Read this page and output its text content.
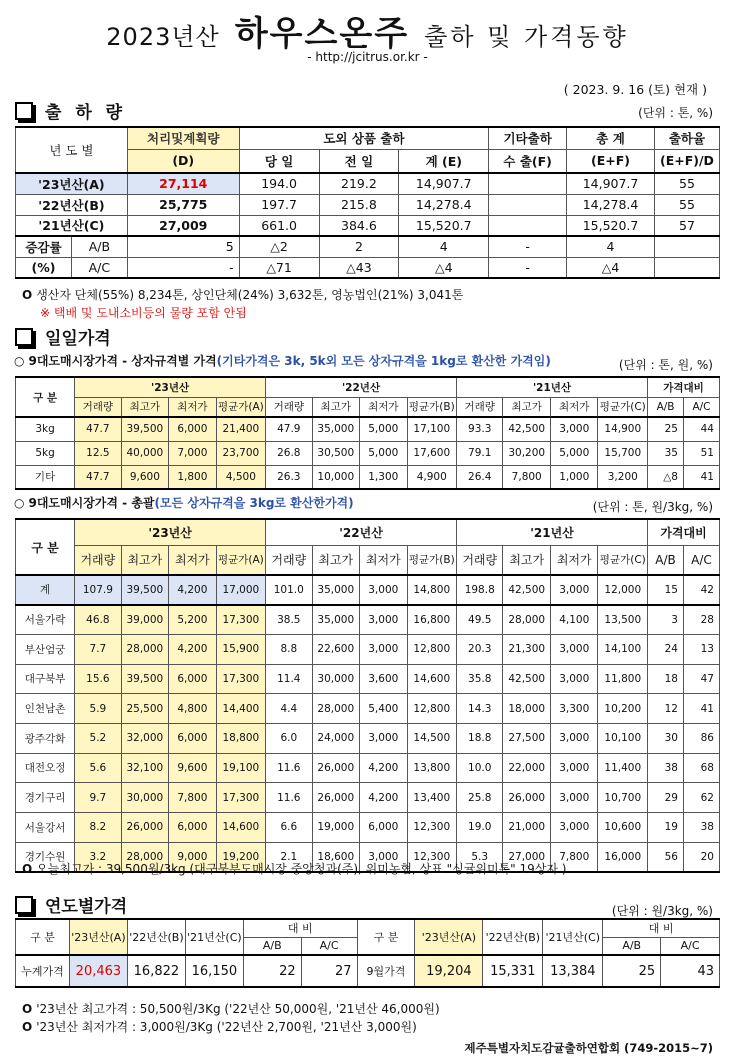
2023년산 하우스온주 출하 및 가격동향
- http://jcitrus.or.kr -
( 2023. 9. 16 (토) 현재 )
출 하 량	(단위 : 톤, %)
년 도 별		처리및계획량	도외 상품 출하			기타출하	총 계	출하율
		(D)	당 일	전 일	계 (E)	수 출(F)	(E+F)	(E+F)/D
'23년산(A)		27,114	194.0	219.2	14,907.7		14,907.7	55
'22년산(B)		25,775	197.7	215.8	14,278.4		14,278.4	55
'21년산(C)		27,009	661.0	384.6	15,520.7		15,520.7	57
증감률	A/B	5	△2	2	4	-	4	
(%)	A/C	-	△71	△43	△4	-	△4	
O 생산자 단체(55%) 8,234톤, 상인단체(24%) 3,632톤, 영농법인(21%) 3,041톤
※ 택배 및 도내소비등의 물량 포함 안됨
일일가격
○ 9대도매시장가격 - 상자규격별 가격(기타가격은 3k, 5k외 모든 상자규격을 1kg로 환산한 가격임)	(단위 : 톤, 원, %)
구 분	'23년산				'22년산				'21년산				가격대비	
	거래량	최고가	최저가	평균가(A)	거래량	최고가	최저가	평균가(B)	거래량	최고가	최저가	평균가(C)	A/B	A/C
3kg	47.7	39,500	6,000	21,400	47.9	35,000	5,000	17,100	93.3	42,500	3,000	14,900	25	44
5kg	12.5	40,000	7,000	23,700	26.8	30,500	5,000	17,600	79.1	30,200	5,000	15,700	35	51
기타	47.7	9,600	1,800	4,500	26.3	10,000	1,300	4,900	26.4	7,800	1,000	3,200	△8	41
○ 9대도매시장가격 - 총괄(모든 상자규격을 3kg로 환산한가격)	(단위 : 톤, 원/3kg, %)
구 분	'23년산				'22년산				'21년산				가격대비	
	거래량	최고가	최저가	평균가(A)	거래량	최고가	최저가	평균가(B)	거래량	최고가	최저가	평균가(C)	A/B	A/C
계	107.9	39,500	4,200	17,000	101.0	35,000	3,000	14,800	198.8	42,500	3,000	12,000	15	42
서울가락	46.8	39,000	5,200	17,300	38.5	35,000	3,000	16,800	49.5	28,000	4,100	13,500	3	28
부산엄궁	7.7	28,000	4,200	15,900	8.8	22,600	3,000	12,800	20.3	21,300	3,000	14,100	24	13
대구북부	15.6	39,500	6,000	17,300	11.4	30,000	3,600	14,600	35.8	42,500	3,000	11,800	18	47
인천남촌	5.9	25,500	4,800	14,400	4.4	28,000	5,400	12,800	14.3	18,000	3,300	10,200	12	41
광주각화	5.2	32,000	6,000	18,800	6.0	24,000	3,000	14,500	18.8	27,500	3,000	10,100	30	86
대전오정	5.6	32,100	9,600	19,100	11.6	26,000	4,200	13,800	10.0	22,000	3,000	11,400	38	68
경기구리	9.7	30,000	7,800	17,300	11.6	26,000	4,200	13,400	25.8	26,000	3,000	10,700	29	62
서울강서	8.2	26,000	6,000	14,600	6.6	19,000	6,000	12,300	19.0	21,000	3,000	10,600	19	38
경기수원	3.2	28,000	9,000	19,200	2.1	18,600	3,000	12,300	5.3	27,000	7,800	16,000	56	20
O 오늘최고가 : 39,500원/3kg (대구북부도매시장 중앙청과(주), 위미농협, 상표 "싱귤위미톡" 19상자 )
연도별가격	(단위 : 원/3kg, %)
구 분	'23년산(A)	'22년산(B)	'21년산(C)	대 비		구 분	'23년산(A)	'22년산(B)	'21년산(C)	대 비	
				A/B	A/C					A/B	A/C
누계가격	20,463	16,822	16,150	22	27	9월가격	19,204	15,331	13,384	25	43
O '23년산 최고가격 : 50,500원/3Kg ('22년산 50,000원, '21년산 46,000원)
O '23년산 최저가격 : 3,000원/3Kg ('22년산 2,700원, '21년산 3,000원)
제주특별자치도감귤출하연합회 (749-2015~7)
